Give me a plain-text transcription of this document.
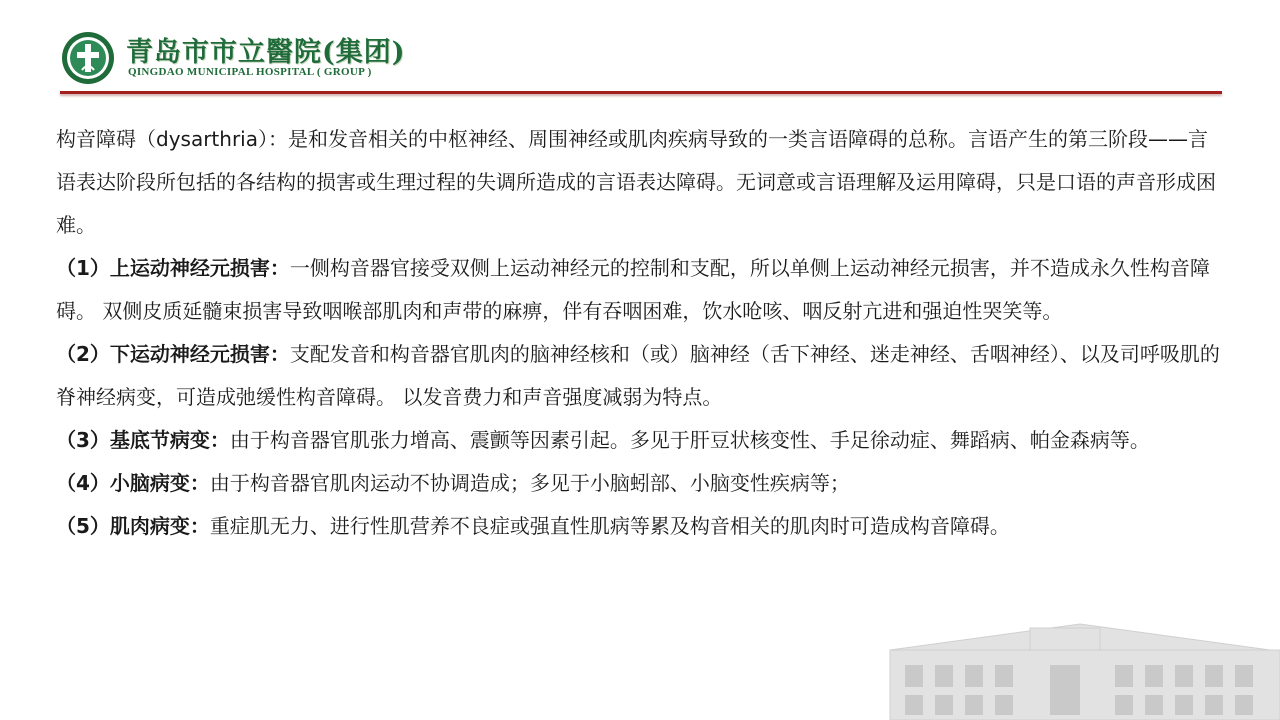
青岛市市立醫院(集团)
QINGDAO MUNICIPAL HOSPITAL ( GROUP )

构音障碍（dysarthria）：是和发音相关的中枢神经、周围神经或肌肉疾病导致的一类言语障碍的总称。言语产生的第三阶段——言语表达阶段所包括的各结构的损害或生理过程的失调所造成的言语表达障碍。无词意或言语理解及运用障碍，只是口语的声音形成困难。

（1）上运动神经元损害：一侧构音器官接受双侧上运动神经元的控制和支配，所以单侧上运动神经元损害，并不造成永久性构音障碍。 双侧皮质延髓束损害导致咽喉部肌肉和声带的麻痹，伴有吞咽困难，饮水呛咳、咽反射亢进和强迫性哭笑等。

（2）下运动神经元损害：支配发音和构音器官肌肉的脑神经核和（或）脑神经（舌下神经、迷走神经、舌咽神经）、以及司呼吸肌的脊神经病变，可造成弛缓性构音障碍。 以发音费力和声音强度减弱为特点。

（3）基底节病变：由于构音器官肌张力增高、震颤等因素引起。多见于肝豆状核变性、手足徐动症、舞蹈病、帕金森病等。

（4）小脑病变：由于构音器官肌肉运动不协调造成；多见于小脑蚓部、小脑变性疾病等；

（5）肌肉病变：重症肌无力、进行性肌营养不良症或强直性肌病等累及构音相关的肌肉时可造成构音障碍。
